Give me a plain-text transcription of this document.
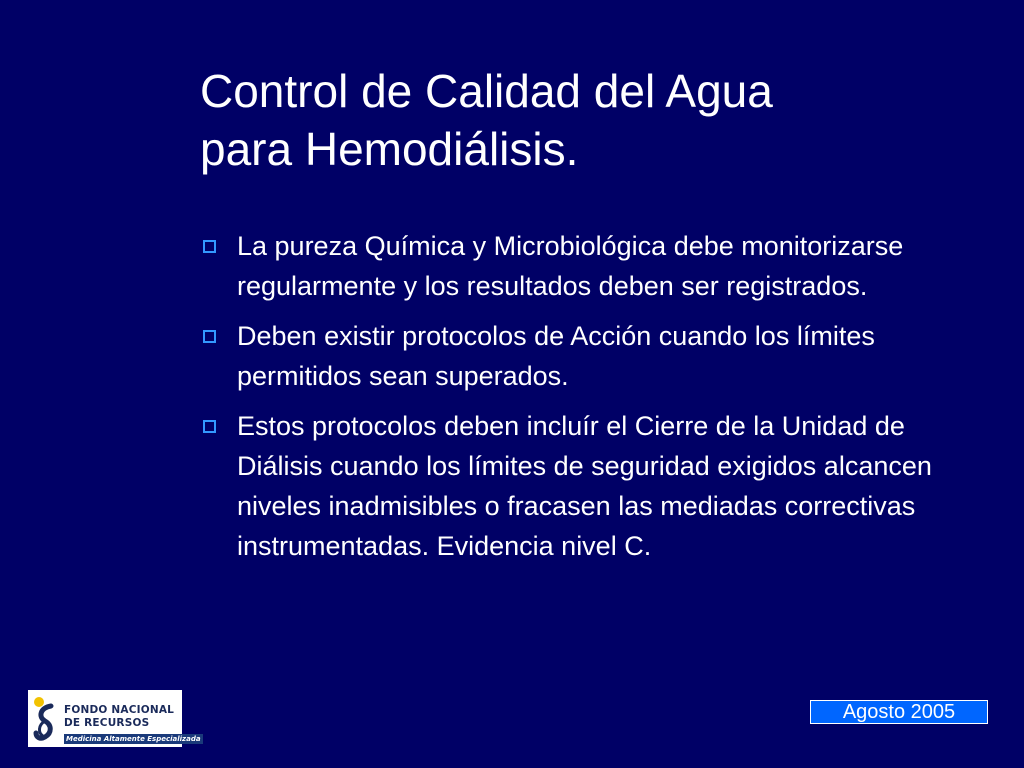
Control de Calidad del Agua
para Hemodiálisis.
La pureza Química y Microbiológica debe monitorizarse regularmente y los resultados deben ser registrados.
Deben existir protocolos de Acción cuando los límites permitidos sean superados.
Estos protocolos deben incluír el Cierre de la Unidad de Diálisis cuando los límites de seguridad exigidos alcancen niveles inadmisibles o fracasen las mediadas correctivas instrumentadas. Evidencia nivel C.
FONDO NACIONAL
DE RECURSOS
Medicina Altamente Especializada
Agosto 2005
